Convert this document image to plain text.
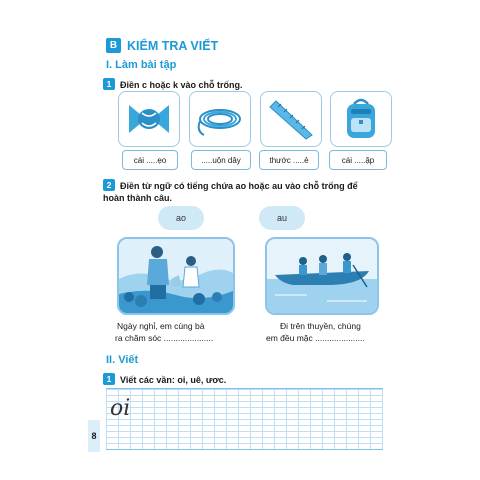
B KIỂM TRA VIẾT
I. Làm bài tập
1 Điền c hoặc k vào chỗ trống.
cái .....ẹo	.....uộn dây	thước .....ẻ	cái .....ặp
2 Điền từ ngữ có tiếng chứa ao hoặc au vào chỗ trống để
hoàn thành câu.
ao	au
Ngày nghỉ, em cùng bà
ra chăm sóc .....................
Đi trên thuyền, chúng
em đều mặc .....................
II. Viết
1 Viết các vần: oi, uê, ươc.
oi
8
